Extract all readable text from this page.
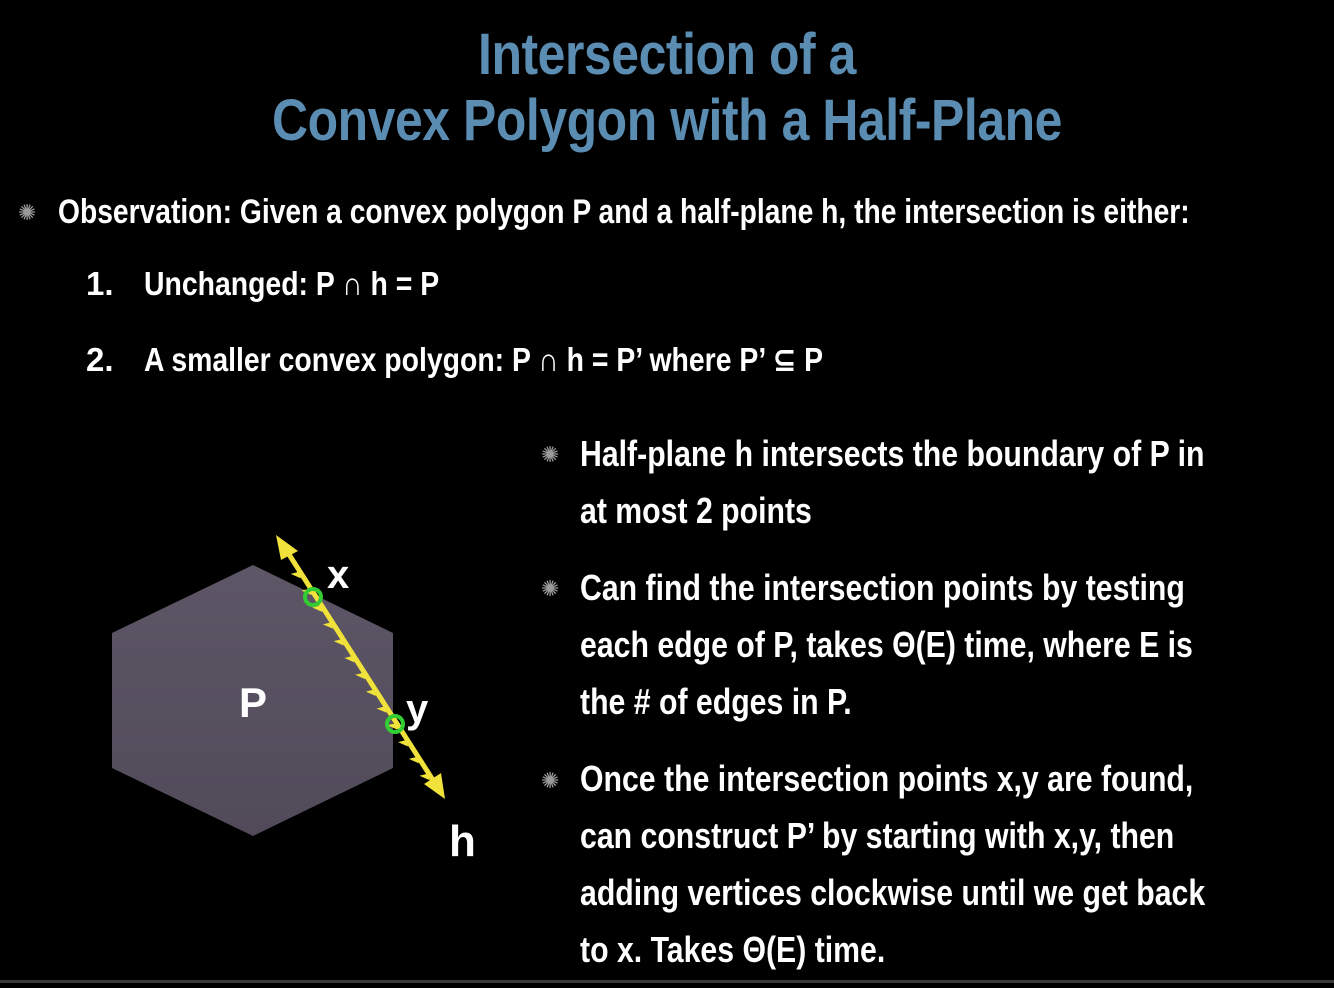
Intersection of a
Convex Polygon with a Half-Plane
✺ Observation: Given a convex polygon P and a half-plane h, the intersection is either:
1. Unchanged: P ∩ h = P
2. A smaller convex polygon: P ∩ h = P’ where P’ ⊆ P
✺ Half-plane h intersects the boundary of P in
at most 2 points
✺ Can find the intersection points by testing
each edge of P, takes Θ(E) time, where E is
the # of edges in P.
✺ Once the intersection points x,y are found,
can construct P’ by starting with x,y, then
adding vertices clockwise until we get back
to x. Takes Θ(E) time.
P
x
y
h
